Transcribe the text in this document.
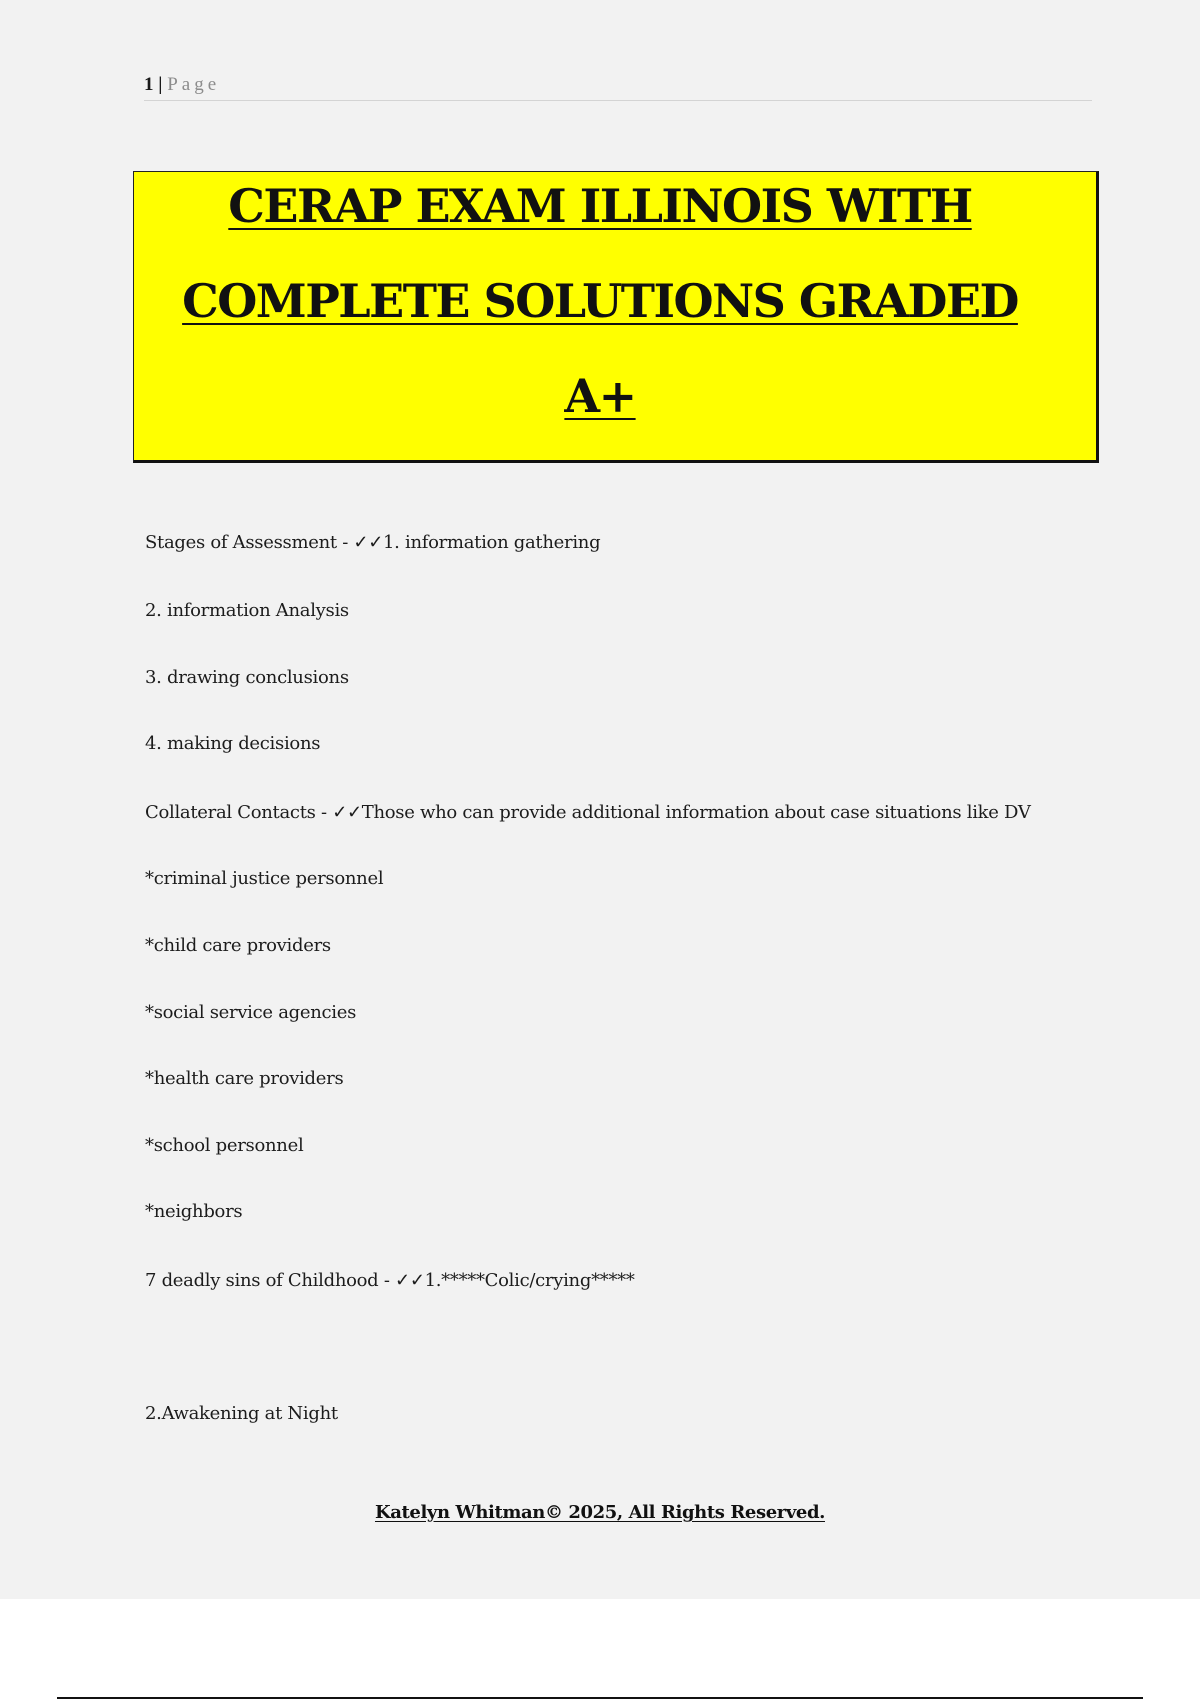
1 | Page
CERAP EXAM ILLINOIS WITH
COMPLETE SOLUTIONS GRADED
A+
Stages of Assessment - ✓✓1. information gathering
2. information Analysis
3. drawing conclusions
4. making decisions
Collateral Contacts - ✓✓Those who can provide additional information about case situations like DV
*criminal justice personnel
*child care providers
*social service agencies
*health care providers
*school personnel
*neighbors
7 deadly sins of Childhood - ✓✓1.*****Colic/crying*****
2.Awakening at Night
Katelyn Whitman© 2025, All Rights Reserved.
